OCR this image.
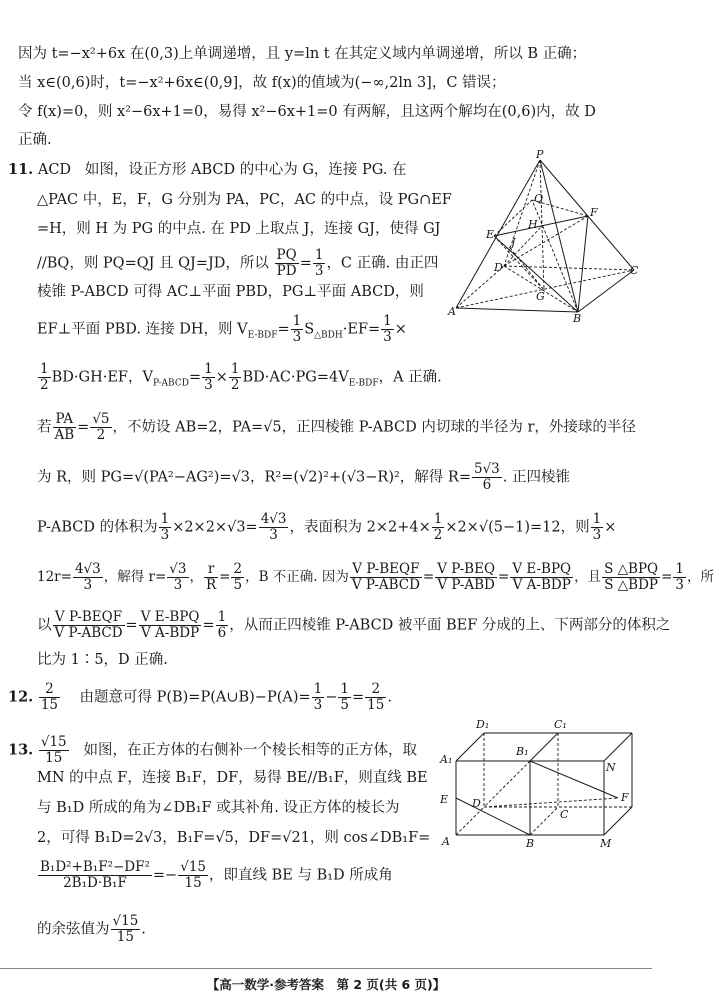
因为 t=−x²+6x 在(0,3)上单调递增，且 y=ln t 在其定义域内单调递增，所以 B 正确；
当 x∈(0,6)时，t=−x²+6x∈(0,9]，故 f(x)的值域为(−∞,2ln 3]，C 错误；
令 f(x)=0，则 x²−6x+1=0，易得 x²−6x+1=0 有两解，且这两个解均在(0,6)内，故 D
正确.
11. ACD 如图，设正方形 ABCD 的中心为 G，连接 PG. 在
△PAC 中，E，F，G 分别为 PA，PC，AC 的中点，设 PG∩EF
=H，则 H 为 PG 的中点. 在 PD 上取点 J，连接 GJ，使得 GJ
//BQ，则 PQ=QJ 且 QJ=JD，所以 $\frac{PQ}{PD} = \frac{1}{3}$ ，C 正确. 由正四
棱锥 P-ABCD 可得 AC⊥平面 PBD，PG⊥平面 ABCD，则
EF⊥平面 PBD. 连接 DH，则 $V_{E-BDF}= \frac{1}{3} S_{\triangle BDH}\cdot EF= \frac{1}{3}$ ×
$\frac{1}{2} BD\cdot GH\cdot EF$，$V_{P-ABCD}= \frac{1}{3} \times \frac{1}{2} BD\cdot AC\cdot PG=4V_{E-BDF}$，A 正确.
若 $\frac{PA}{AB} = \frac{√5}{2}$ ，不妨设 AB=2，PA=√5，正四棱锥 P-ABCD 内切球的半径为 r，外接球的半径
为 R，则 PG=√(PA²−AG²)=√3，R²=(√2)²+(√3−R)²，解得 $R= \frac{5√3}{6}$ . 正四棱锥
P-ABCD 的体积为 $\frac{1}{3} \times 2\times 2\times√3= \frac{4√3}{3}$ ，表面积为 $2\times 2+4\times \frac{1}{2} \times 2\times√(5-1)=12$，则 $\frac{1}{3}$ ×
$12r= \frac{4√3}{3}$ ，解得 $r= \frac{√3}{3}$ ， $\frac{r}{R} = \frac{2}{5}$ ，B 不正确. 因为 $\frac{\text{V P-BEQF}}{\text{V P-ABCD}} = \frac{\text{V P-BEQ}}{\text{V P-ABD}} = \frac{\text{V E-BPQ}}{\text{V A-BDP}}$ ，且 $\frac{\text{S △BPQ}}{\text{S △BDP}} = \frac{1}{3}$ ，所
以 $\frac{\text{V P-BEQF}}{\text{V P-ABCD}} = \frac{\text{V E-BPQ}}{\text{V A-BDP}} = \frac{1}{6}$ ，从而正四棱锥 P-ABCD 被平面 BEF 分成的上、下两部分的体积之
比为 1∶5，D 正确.
P
Q
H
J
E
F
D
G
C
A
B
12. $\frac{2}{15}$ 由题意可得 P(B)=P(A∪B)−P(A)= $\frac{1}{3} - \frac{1}{5} = \frac{2}{15}$ .
13. $\frac{√15}{15}$ 如图，在正方体的右侧补一个棱长相等的正方体，取
MN 的中点 F，连接 B₁F，DF，易得 BE//B₁F，则直线 BE
与 B₁D 所成的角为∠DB₁F 或其补角. 设正方体的棱长为
2，可得 B₁D=2√3，B₁F=√5，DF=√21，则 cos∠DB₁F=
$\frac{\text{B₁D²+B₁F²−DF²}}{\text{2B₁D·B₁F}} =- \frac{√15}{15}$ ，即直线 BE 与 B₁D 所成角
的余弦值为 $\frac{√15}{15}$ .
D₁	C₁
A₁
B₁
N
E D	F
C
A	B	M
【高一数学·参考答案　第 2 页(共 6 页)】
